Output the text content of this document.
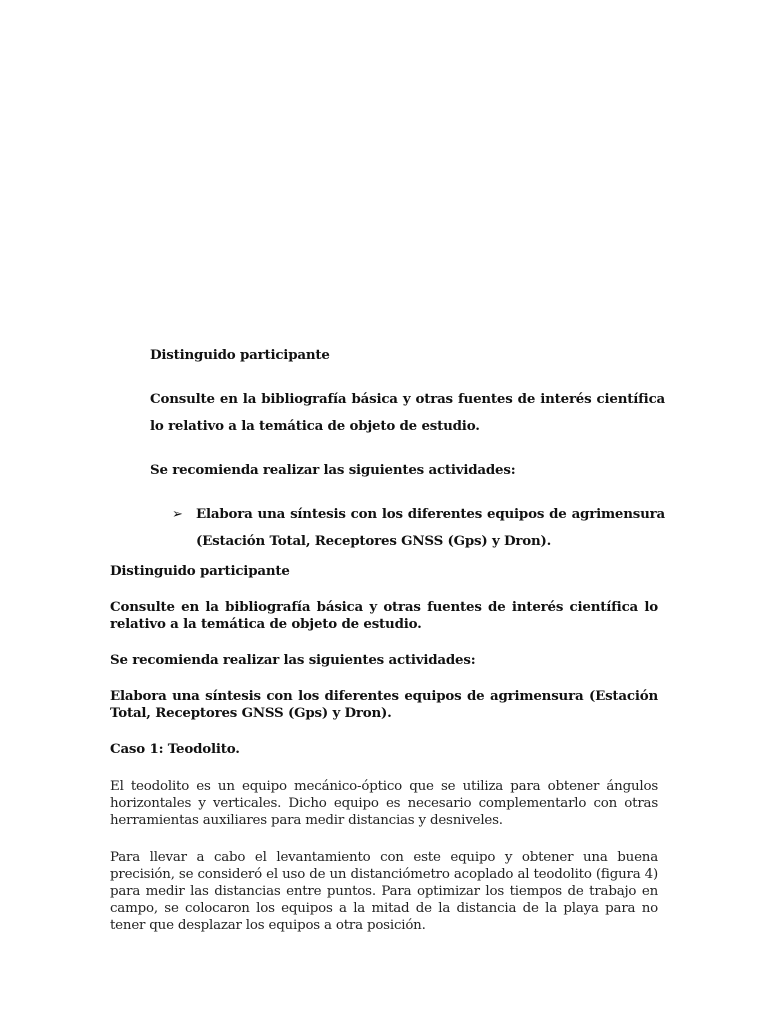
Distinguido participante

Consulte en la bibliografía básica y otras fuentes de interés científica lo relativo a la temática de objeto de estudio.

Se recomienda realizar las siguientes actividades:

➢ Elabora una síntesis con los diferentes equipos de agrimensura (Estación Total, Receptores GNSS (Gps) y Dron).

Distinguido participante

Consulte en la bibliografía básica y otras fuentes de interés científica lo relativo a la temática de objeto de estudio.

Se recomienda realizar las siguientes actividades:

Elabora una síntesis con los diferentes equipos de agrimensura (Estación Total, Receptores GNSS (Gps) y Dron).

Caso 1: Teodolito.

El teodolito es un equipo mecánico-óptico que se utiliza para obtener ángulos horizontales y verticales. Dicho equipo es necesario complementarlo con otras herramientas auxiliares para medir distancias y desniveles.

Para llevar a cabo el levantamiento con este equipo y obtener una buena precisión, se consideró el uso de un distanciómetro acoplado al teodolito (figura 4) para medir las distancias entre puntos. Para optimizar los tiempos de trabajo en campo, se colocaron los equipos a la mitad de la distancia de la playa para no tener que desplazar los equipos a otra posición.
